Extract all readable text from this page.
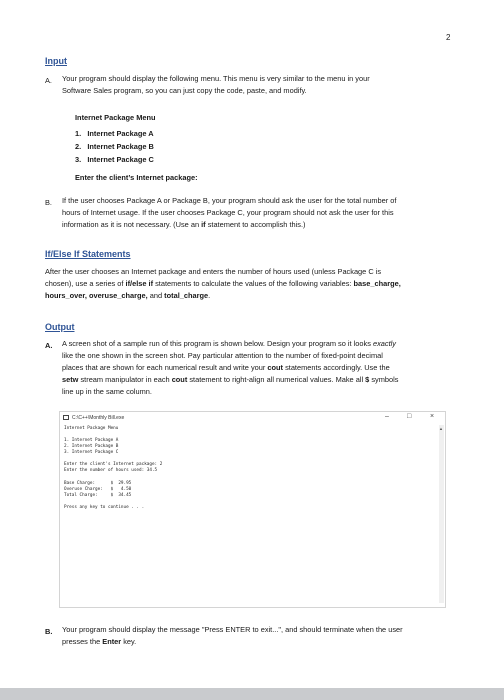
2
Input
A. Your program should display the following menu. This menu is very similar to the menu in your
Software Sales program, so you can just copy the code, paste, and modify.
Internet Package Menu
1. Internet Package A
2. Internet Package B
3. Internet Package C
Enter the client’s Internet package:
B. If the user chooses Package A or Package B, your program should ask the user for the total number of
hours of Internet usage. If the user chooses Package C, your program should not ask the user for this
information as it is not necessary. (Use an if statement to accomplish this.)
If/Else If Statements
After the user chooses an Internet package and enters the number of hours used (unless Package C is
chosen), use a series of if/else if statements to calculate the values of the following variables: base_charge,
hours_over, overuse_charge, and total_charge.
Output
A. A screen shot of a sample run of this program is shown below. Design your program so it looks exactly
like the one shown in the screen shot. Pay particular attention to the number of fixed-point decimal
places that are shown for each numerical result and write your cout statements accordingly. Use the
setw stream manipulator in each cout statement to right-align all numerical values. Make all $ symbols
line up in the same column.
C:\C++\Monthly Bill.exe	–	□	×
▲
Internet Package Menu
1. Internet Package A
2. Internet Package B
3. Internet Package C
Enter the client's Internet package: 2
Enter the number of hours used: 34.5
Base Charge:      $  29.95
Overuse Charge:   $   4.50
Total Charge:     $  34.45
Press any key to continue . . .
B. Your program should display the message "Press ENTER to exit...", and should terminate when the user
presses the Enter key.
